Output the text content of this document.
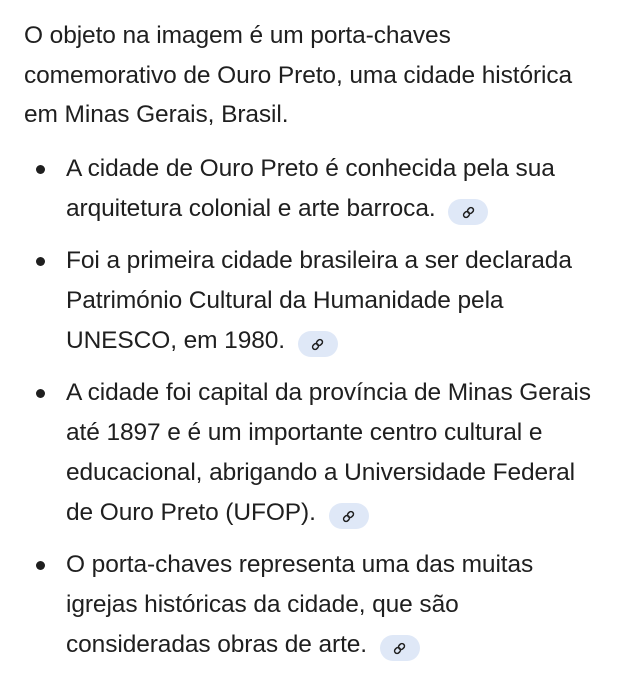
O objeto na imagem é um porta-chaves comemorativo de Ouro Preto, uma cidade histórica em Minas Gerais, Brasil.

A cidade de Ouro Preto é conhecida pela sua arquitetura colonial e arte barroca.
Foi a primeira cidade brasileira a ser declarada Património Cultural da Humanidade pela UNESCO, em 1980.
A cidade foi capital da província de Minas Gerais até 1897 e é um importante centro cultural e educacional, abrigando a Universidade Federal de Ouro Preto (UFOP).
O porta-chaves representa uma das muitas igrejas históricas da cidade, que são consideradas obras de arte.
